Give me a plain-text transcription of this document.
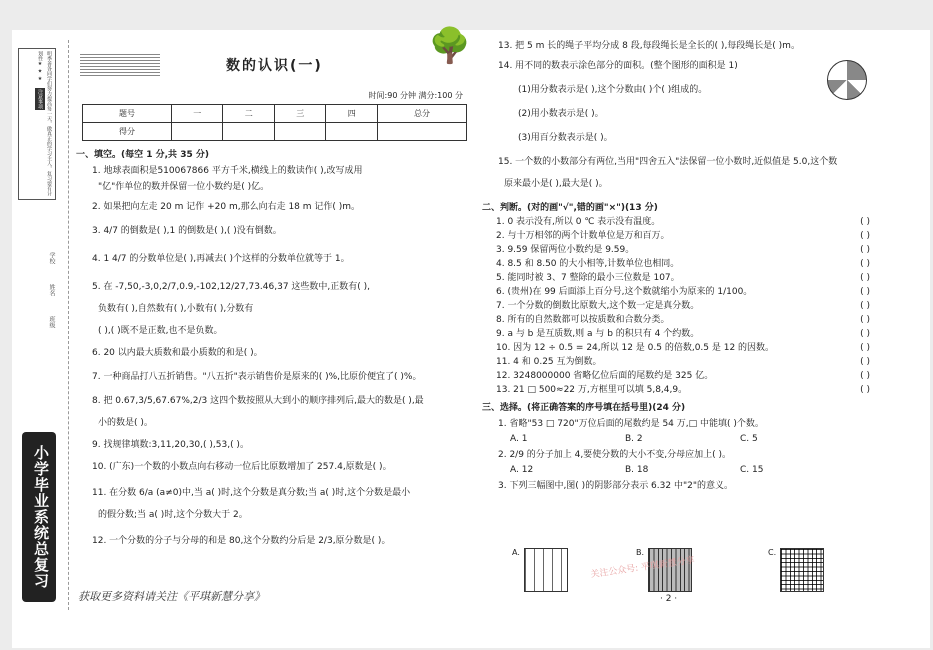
明季善各同学们努力提高每一天，做真正的学习主人，复习要有计划性★ ★ ★ 注意事项
学校 姓名 班级
小学毕业系统总复习
数的认识(一)	🌳
时间:90 分钟 满分:100 分
题号	一	二	三	四	总分
得分					
一、填空。(每空 1 分,共 35 分)
1. 地球表面积是510067866 平方千米,横线上的数读作( ),改写成用
"亿"作单位的数并保留一位小数约是( )亿。
2. 如果把向左走 20 m 记作 +20 m,那么向右走 18 m 记作( )m。
3. 4/7 的倒数是( ),1 的倒数是( ),( )没有倒数。
4. 1 4/7 的分数单位是( ),再减去( )个这样的分数单位就等于 1。
5. 在 -7,50,-3,0,2/7,0.9,-102,12/27,73.46,37 这些数中,正数有( ),
负数有( ),自然数有( ),小数有( ),分数有
( ),( )既不是正数,也不是负数。
6. 20 以内最大质数和最小质数的和是( )。
7. 一种商品打八五折销售。"八五折"表示销售价是原来的( )%,比原价便宜了( )%。
8. 把 0.67,3/5,67.67%,2/3 这四个数按照从大到小的顺序排列后,最大的数是( ),最
小的数是( )。
9. 找规律填数:3,11,20,30,( ),53,( )。
10. (广东)一个数的小数点向右移动一位后比原数增加了 257.4,原数是( )。
11. 在分数 6/a (a≠0)中,当 a( )时,这个分数是真分数;当 a( )时,这个分数是最小
的假分数;当 a( )时,这个分数大于 2。
12. 一个分数的分子与分母的和是 80,这个分数约分后是 2/3,原分数是( )。
13. 把 5 m 长的绳子平均分成 8 段,每段绳长是全长的( ),每段绳长是( )m。
14. 用不同的数表示涂色部分的面积。(整个图形的面积是 1)
(1)用分数表示是( ),这个分数由( )个( )组成的。
(2)用小数表示是( )。
(3)用百分数表示是( )。
15. 一个数的小数部分有两位,当用"四舍五入"法保留一位小数时,近似值是 5.0,这个数
原来最小是( ),最大是( )。
二、判断。(对的画"√",错的画"×")(13 分)
1. 0 表示没有,所以 0 ℃ 表示没有温度。	( )
2. 与十万相邻的两个计数单位是万和百万。	( )
3. 9.59 保留两位小数约是 9.59。	( )
4. 8.5 和 8.50 的大小相等,计数单位也相同。	( )
5. 能同时被 3、7 整除的最小三位数是 107。	( )
6. (贵州)在 99 后面添上百分号,这个数就缩小为原来的 1/100。	( )
7. 一个分数的倒数比原数大,这个数一定是真分数。	( )
8. 所有的自然数都可以按质数和合数分类。	( )
9. a 与 b 是互质数,则 a 与 b 的积只有 4 个约数。	( )
10. 因为 12 ÷ 0.5 = 24,所以 12 是 0.5 的倍数,0.5 是 12 的因数。	( )
11. 4 和 0.25 互为倒数。	( )
12. 3248000000 省略亿位后面的尾数约是 325 亿。	( )
13. 21 □ 500≈22 万,方框里可以填 5,8,4,9。	( )
三、选择。(将正确答案的序号填在括号里)(24 分)
1. 省略"53 □ 720"万位后面的尾数约是 54 万,□ 中能填( )个数。
A. 1	B. 2	C. 5
2. 2/9 的分子加上 4,要使分数的大小不变,分母应加上( )。
A. 12	B. 18	C. 15
3. 下列三幅图中,图( )的阴影部分表示 6.32 中"2"的意义。
A.	B.	C.
关注公众号: 平琪新慧分享
获取更多资料请关注《平琪新慧分享》	· 2 ·
